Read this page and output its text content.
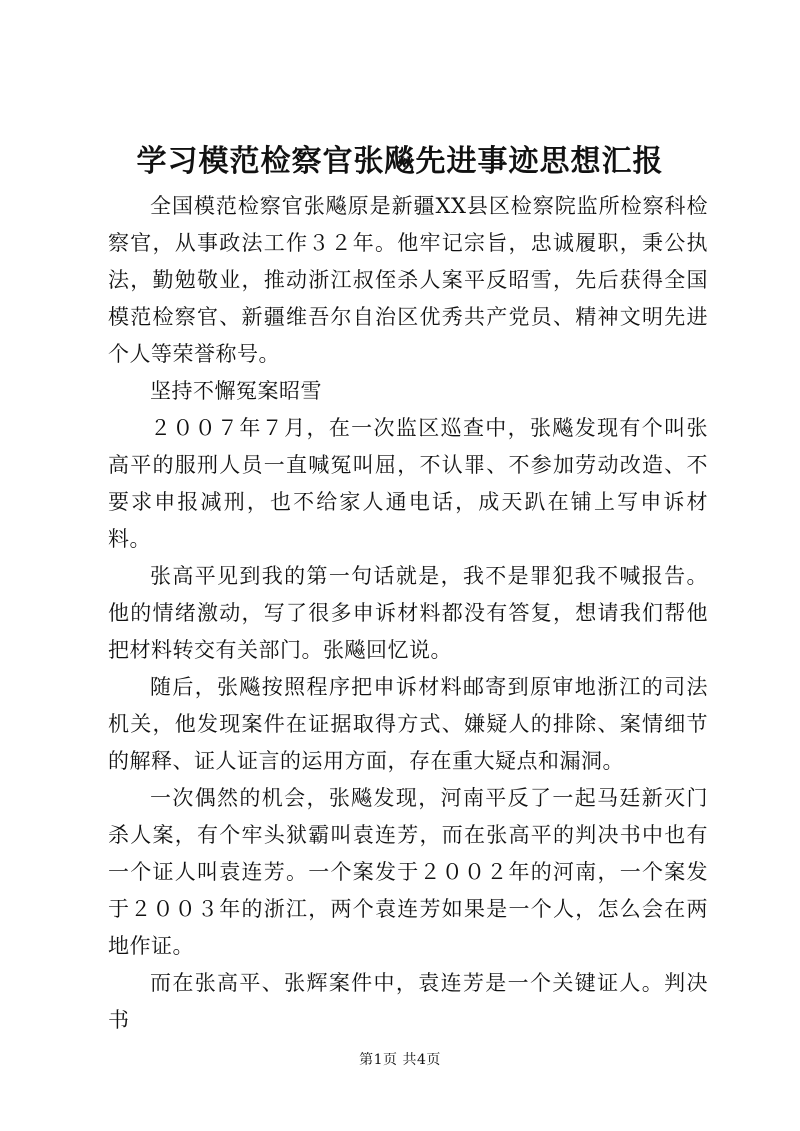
学习模范检察官张飚先进事迹思想汇报

全国模范检察官张飚原是新疆XX县区检察院监所检察科检察官，从事政法工作３２年。他牢记宗旨，忠诚履职，秉公执法，勤勉敬业，推动浙江叔侄杀人案平反昭雪，先后获得全国模范检察官、新疆维吾尔自治区优秀共产党员、精神文明先进个人等荣誉称号。

坚持不懈冤案昭雪

２００７年７月，在一次监区巡查中，张飚发现有个叫张高平的服刑人员一直喊冤叫屈，不认罪、不参加劳动改造、不要求申报减刑，也不给家人通电话，成天趴在铺上写申诉材料。

张高平见到我的第一句话就是，我不是罪犯我不喊报告。他的情绪激动，写了很多申诉材料都没有答复，想请我们帮他把材料转交有关部门。张飚回忆说。

随后，张飚按照程序把申诉材料邮寄到原审地浙江的司法机关，他发现案件在证据取得方式、嫌疑人的排除、案情细节的解释、证人证言的运用方面，存在重大疑点和漏洞。

一次偶然的机会，张飚发现，河南平反了一起马廷新灭门杀人案，有个牢头狱霸叫袁连芳，而在张高平的判决书中也有一个证人叫袁连芳。一个案发于２００２年的河南，一个案发于２００３年的浙江，两个袁连芳如果是一个人，怎么会在两地作证。

而在张高平、张辉案件中，袁连芳是一个关键证人。判决书

第1页 共4页
